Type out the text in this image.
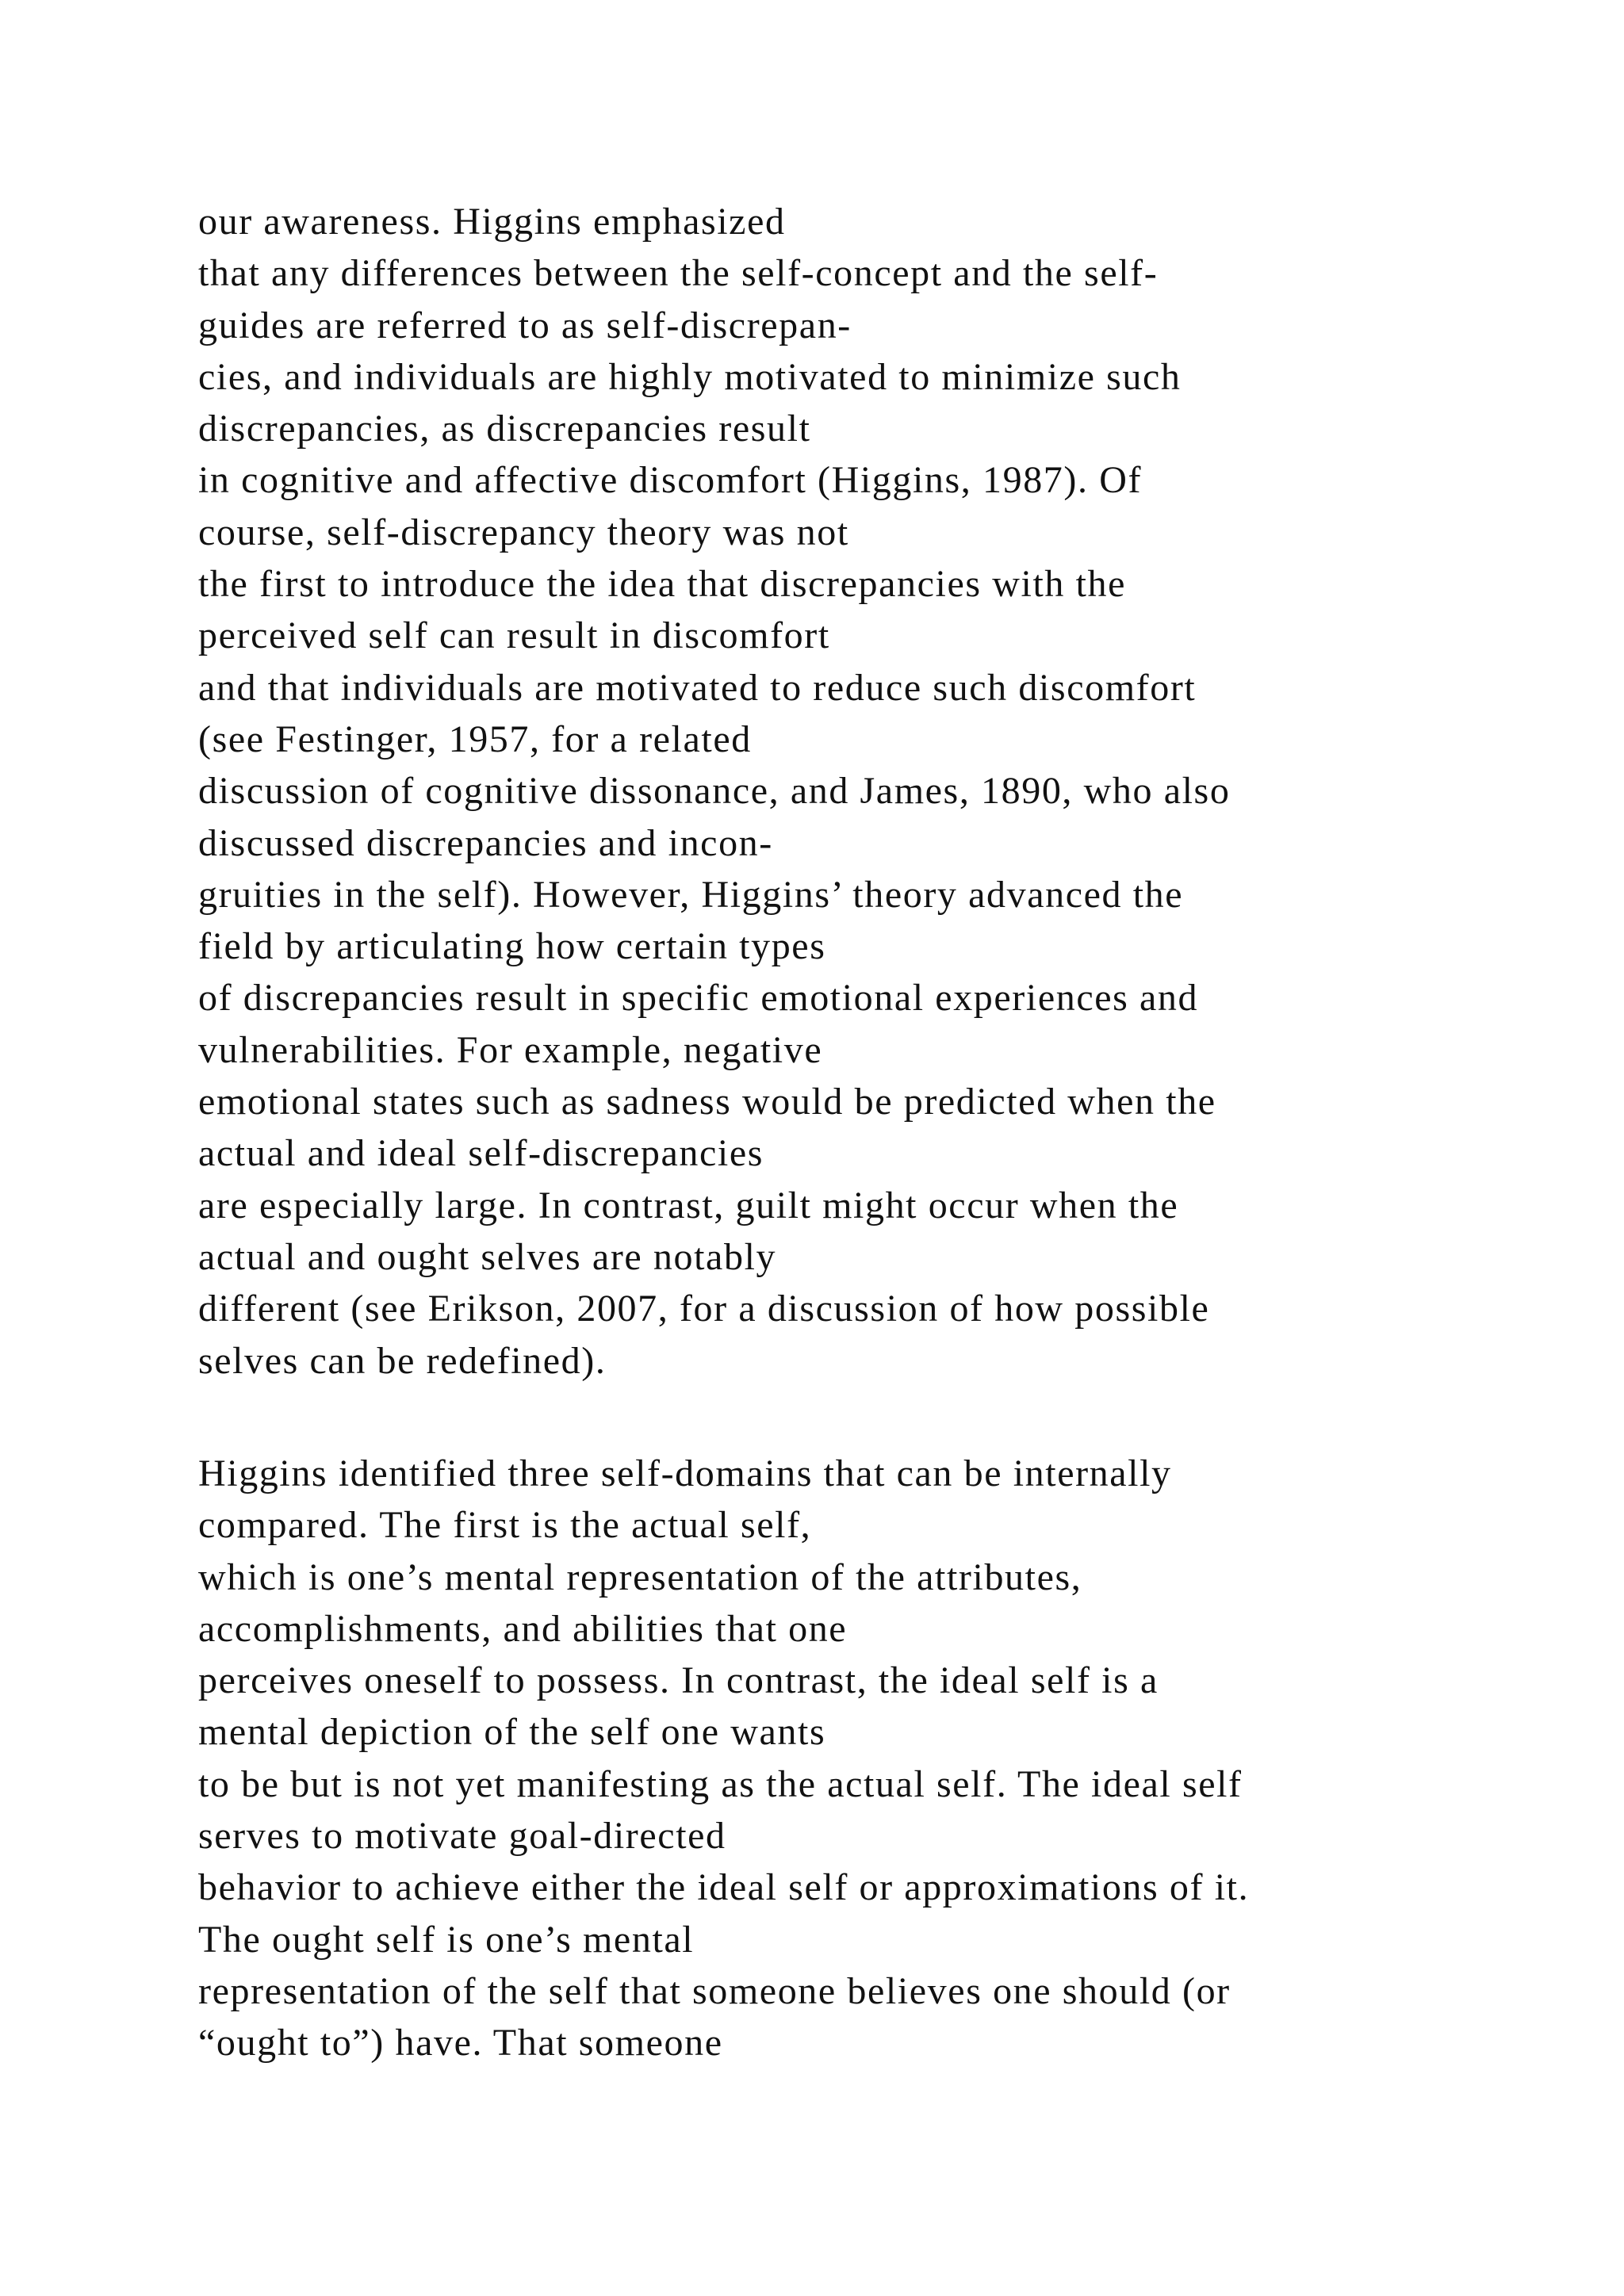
our awareness. Higgins emphasized
that any differences between the self-concept and the self-
guides are referred to as self-discrepan-
cies, and individuals are highly motivated to minimize such
discrepancies, as discrepancies result
in cognitive and affective discomfort (Higgins, 1987). Of
course, self-discrepancy theory was not
the first to introduce the idea that discrepancies with the
perceived self can result in discomfort
and that individuals are motivated to reduce such discomfort
(see Festinger, 1957, for a related
discussion of cognitive dissonance, and James, 1890, who also
discussed discrepancies and incon-
gruities in the self). However, Higgins’ theory advanced the
field by articulating how certain types
of discrepancies result in specific emotional experiences and
vulnerabilities. For example, negative
emotional states such as sadness would be predicted when the
actual and ideal self-discrepancies
are especially large. In contrast, guilt might occur when the
actual and ought selves are notably
different (see Erikson, 2007, for a discussion of how possible
selves can be redefined).
Higgins identified three self-domains that can be internally
compared. The first is the actual self,
which is one’s mental representation of the attributes,
accomplishments, and abilities that one
perceives oneself to possess. In contrast, the ideal self is a
mental depiction of the self one wants
to be but is not yet manifesting as the actual self. The ideal self
serves to motivate goal-directed
behavior to achieve either the ideal self or approximations of it.
The ought self is one’s mental
representation of the self that someone believes one should (or
“ought to”) have. That someone
